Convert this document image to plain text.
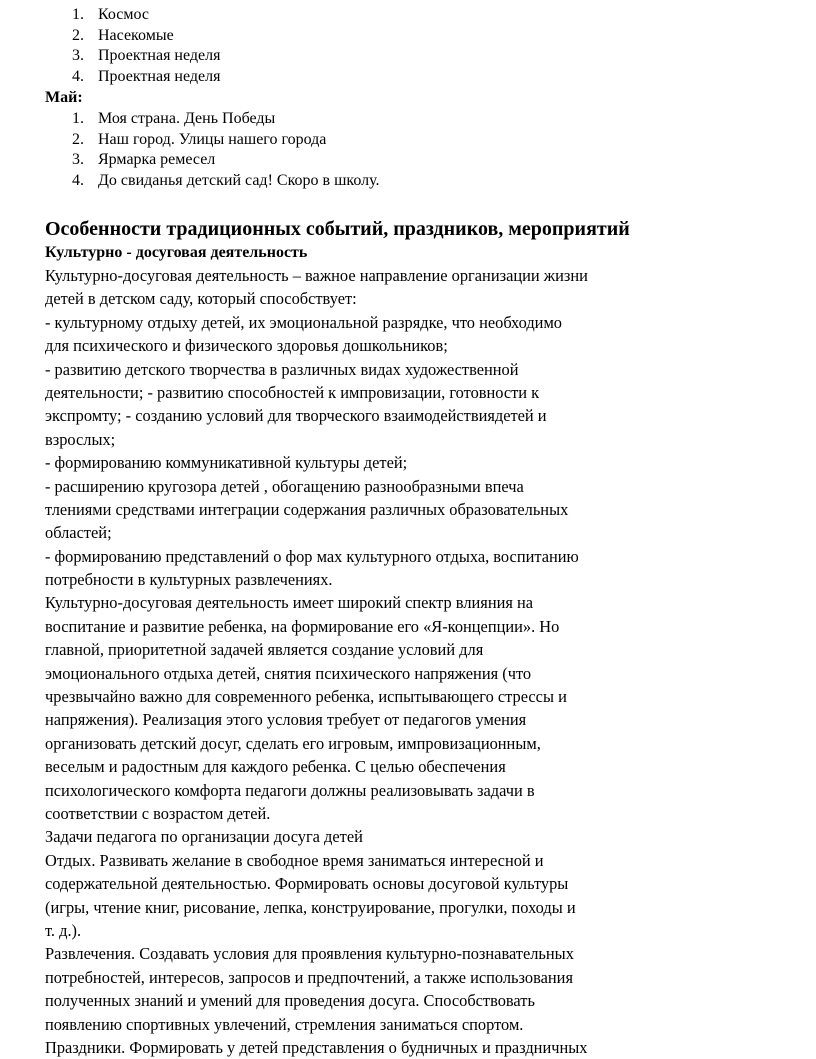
1. Космос
2. Насекомые
3. Проектная неделя
4. Проектная неделя

Май:

1. Моя страна. День Победы
2. Наш город. Улицы нашего города
3. Ярмарка ремесел
4. До свиданья детский сад! Скоро в школу.
Особенности традиционных событий, праздников, мероприятий
Культурно - досуговая деятельность
Культурно-досуговая деятельность – важное направление организации жизни
детей в детском саду, который способствует:
- культурному отдыху детей, их эмоциональной разрядке, что необходимо
для психического и физического здоровья дошкольников;
- развитию детского творчества в различных видах художественной
деятельности; - развитию способностей к импровизации, готовности к
экспромту; - созданию условий для творческого взаимодействиядетей и
взрослых;
- формированию коммуникативной культуры детей;
- расширению кругозора детей , обогащению разнообразными впеча
тлениями средствами интеграции содержания различных образовательных
областей;
- формированию представлений о фор мах культурного отдыха, воспитанию
потребности в культурных развлечениях.
Культурно-досуговая деятельность имеет широкий спектр влияния на
воспитание и развитие ребенка, на формирование его «Я-концепции». Но
главной, приоритетной задачей является создание условий для
эмоционального отдыха детей, снятия психического напряжения (что
чрезвычайно важно для современного ребенка, испытывающего стрессы и
напряжения). Реализация этого условия требует от педагогов умения
организовать детский досуг, сделать его игровым, импровизационным,
веселым и радостным для каждого ребенка. С целью обеспечения
психологического комфорта педагоги должны реализовывать задачи в
соответствии с возрастом детей.
Задачи педагога по организации досуга детей
Отдых. Развивать желание в свободное время заниматься интересной и
содержательной деятельностью. Формировать основы досуговой культуры
(игры, чтение книг, рисование, лепка, конструирование, прогулки, походы и
т. д.).
Развлечения. Создавать условия для проявления культурно-познавательных
потребностей, интересов, запросов и предпочтений, а также использования
полученных знаний и умений для проведения досуга. Способствовать
появлению спортивных увлечений, стремления заниматься спортом.
Праздники. Формировать у детей представления о будничных и праздничных
